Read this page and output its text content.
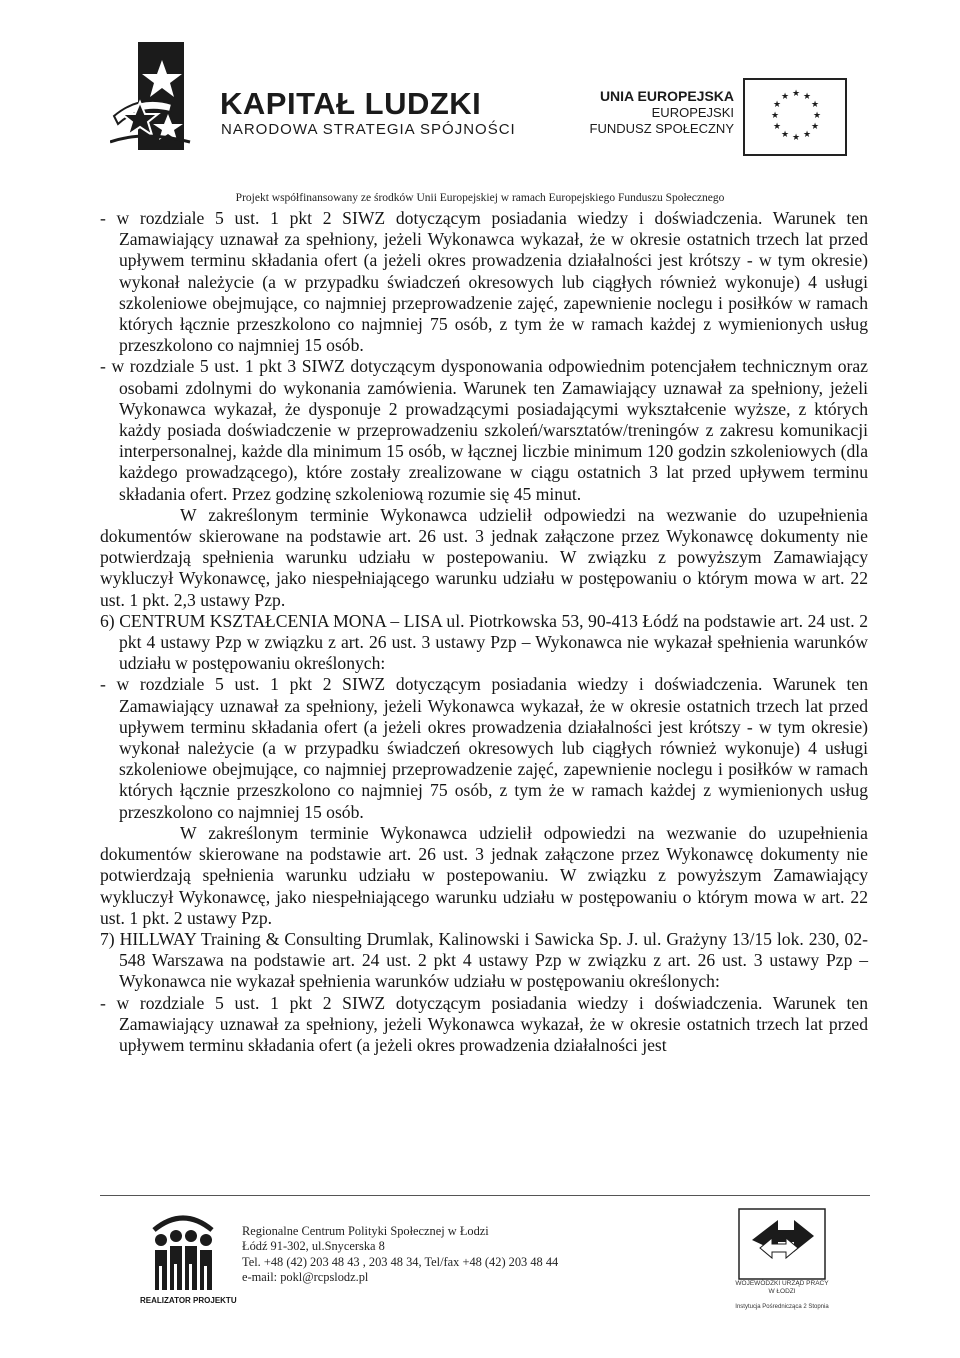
KAPITAŁ LUDZKI
NARODOWA STRATEGIA SPÓJNOŚCI
UNIA EUROPEJSKA
EUROPEJSKI
FUNDUSZ SPOŁECZNY
★ ★
★
★
★
★
★
★
★
★
★
★
Projekt współfinansowany ze środków Unii Europejskiej w ramach Europejskiego Funduszu Społecznego

- w rozdziale 5 ust. 1 pkt 2 SIWZ dotyczącym posiadania wiedzy i doświadczenia. Warunek ten Zamawiający uznawał za spełniony, jeżeli Wykonawca wykazał, że w okresie ostatnich trzech lat przed upływem terminu składania ofert (a jeżeli okres prowadzenia działalności jest krótszy - w tym okresie) wykonał należycie (a w przypadku świadczeń okresowych lub ciągłych również wykonuje) 4 usługi szkoleniowe obejmujące, co najmniej przeprowadzenie zajęć, zapewnienie noclegu i posiłków w ramach których łącznie przeszkolono co najmniej 75 osób, z tym że w ramach każdej z wymienionych usług przeszkolono co najmniej 15 osób.

- w rozdziale 5 ust. 1 pkt 3 SIWZ dotyczącym dysponowania odpowiednim potencjałem technicznym oraz osobami zdolnymi do wykonania zamówienia. Warunek ten Zamawiający uznawał za spełniony, jeżeli Wykonawca wykazał, że dysponuje 2 prowadzącymi posiadającymi wykształcenie wyższe, z których każdy posiada doświadczenie w przeprowadzeniu szkoleń/warsztatów/treningów z zakresu komunikacji interpersonalnej, każde dla minimum 15 osób, w łącznej liczbie minimum 120 godzin szkoleniowych (dla każdego prowadzącego), które zostały zrealizowane w ciągu ostatnich 3 lat przed upływem terminu składania ofert. Przez godzinę szkoleniową rozumie się 45 minut.

W zakreślonym terminie Wykonawca udzielił odpowiedzi na wezwanie do uzupełnienia dokumentów skierowane na podstawie art. 26 ust. 3 jednak załączone przez Wykonawcę dokumenty nie potwierdzają spełnienia warunku udziału w postepowaniu. W związku z powyższym Zamawiający wykluczył Wykonawcę, jako niespełniającego warunku udziału w postępowaniu o którym mowa w art. 22 ust. 1 pkt. 2,3 ustawy Pzp.

6) CENTRUM KSZTAŁCENIA MONA – LISA ul. Piotrkowska 53, 90-413 Łódź na podstawie art. 24 ust. 2 pkt 4 ustawy Pzp w związku z art. 26 ust. 3 ustawy Pzp – Wykonawca nie wykazał spełnienia warunków udziału w postępowaniu określonych:

- w rozdziale 5 ust. 1 pkt 2 SIWZ dotyczącym posiadania wiedzy i doświadczenia. Warunek ten Zamawiający uznawał za spełniony, jeżeli Wykonawca wykazał, że w okresie ostatnich trzech lat przed upływem terminu składania ofert (a jeżeli okres prowadzenia działalności jest krótszy - w tym okresie) wykonał należycie (a w przypadku świadczeń okresowych lub ciągłych również wykonuje) 4 usługi szkoleniowe obejmujące, co najmniej przeprowadzenie zajęć, zapewnienie noclegu i posiłków w ramach których łącznie przeszkolono co najmniej 75 osób, z tym że w ramach każdej z wymienionych usług przeszkolono co najmniej 15 osób.

W zakreślonym terminie Wykonawca udzielił odpowiedzi na wezwanie do uzupełnienia dokumentów skierowane na podstawie art. 26 ust. 3 jednak załączone przez Wykonawcę dokumenty nie potwierdzają spełnienia warunku udziału w postepowaniu. W związku z powyższym Zamawiający wykluczył Wykonawcę, jako niespełniającego warunku udziału w postępowaniu o którym mowa w art. 22 ust. 1 pkt. 2 ustawy Pzp.

7) HILLWAY Training & Consulting Drumlak, Kalinowski i Sawicka Sp. J. ul. Grażyny 13/15 lok. 230, 02-548 Warszawa na podstawie art. 24 ust. 2 pkt 4 ustawy Pzp w związku z art. 26 ust. 3 ustawy Pzp – Wykonawca nie wykazał spełnienia warunków udziału w postępowaniu określonych:

- w rozdziale 5 ust. 1 pkt 2 SIWZ dotyczącym posiadania wiedzy i doświadczenia. Warunek ten Zamawiający uznawał za spełniony, jeżeli Wykonawca wykazał, że w okresie ostatnich trzech lat przed upływem terminu składania ofert (a jeżeli okres prowadzenia działalności jest

REALIZATOR PROJEKTU
Regionalne Centrum Polityki Społecznej w Łodzi
Łódź 91-302, ul.Snycerska 8
Tel. +48 (42) 203 48 43 , 203 48 34, Tel/fax +48 (42) 203 48 44
e-mail: pokl@rcpslodz.pl	WOJEWÓDZKI URZĄD PRACY W ŁODZI
Instytucja Pośrednicząca 2 Stopnia
